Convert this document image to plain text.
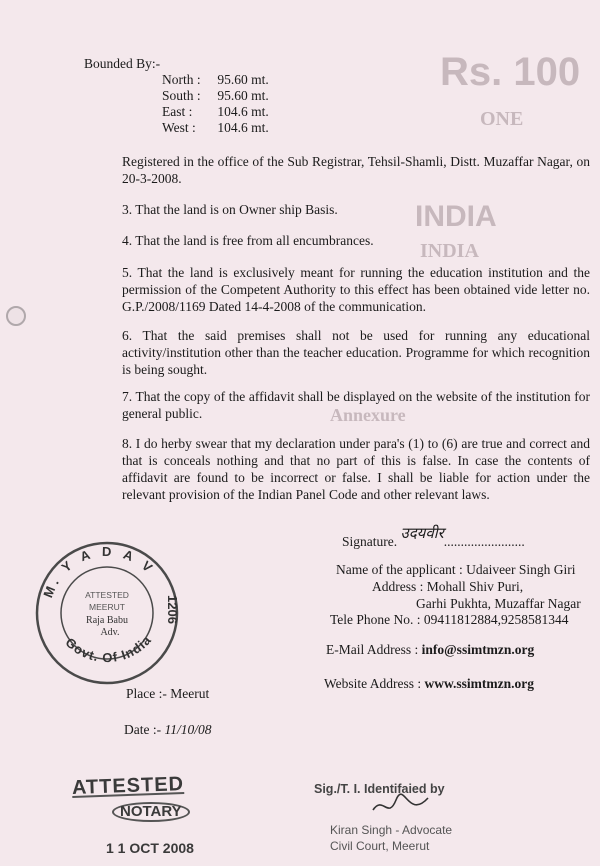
Rs. 100
ONE
INDIA
INDIA
Annexure
Bounded By:-
North : 95.60 mt.
South : 95.60 mt.
East : 104.6 mt.
West : 104.6 mt.
Registered in the office of the Sub Registrar, Tehsil-Shamli, Distt. Muzaffar Nagar, on 20-3-2008.
3. That the land is on Owner ship Basis.
4. That the land is free from all encumbrances.
5. That the land is exclusively meant for running the education institution and the permission of the Competent Authority to this effect has been obtained vide letter no. G.P./2008/1169 Dated 14-4-2008 of the communication.
6. That the said premises shall not be used for running any educational activity/institution other than the teacher education. Programme for which recognition is being sought.
7. That the copy of the affidavit shall be displayed on the website of the institution for general public.
8. I do herby swear that my declaration under para's (1) to (6) are true and correct and that is conceals nothing and that no part of this is false. In case the contents of affidavit are found to be incorrect or false. I shall be liable for action under the relevant provision of the Indian Panel Code and other relevant laws.
Signature. उदयवीर........................
Name of the applicant : Udaiveer Singh Giri
Address : Mohall Shiv Puri,
Garhi Pukhta, Muzaffar Nagar
Tele Phone No. : 09411812884,9258581344
E-Mail Address : info@ssimtmzn.org
Website Address : www.ssimtmzn.org
Place :- Meerut
Date :- 11/10/08
M. Y A D A V
Govt. Of India
1206
ATTESTED
MEERUT
Raja Babu
Adv.
ATTESTED
NOTARY
1 1 OCT 2008
Sig./T. I. Identifaied by
Kiran Singh - Advocate
Civil Court, Meerut
